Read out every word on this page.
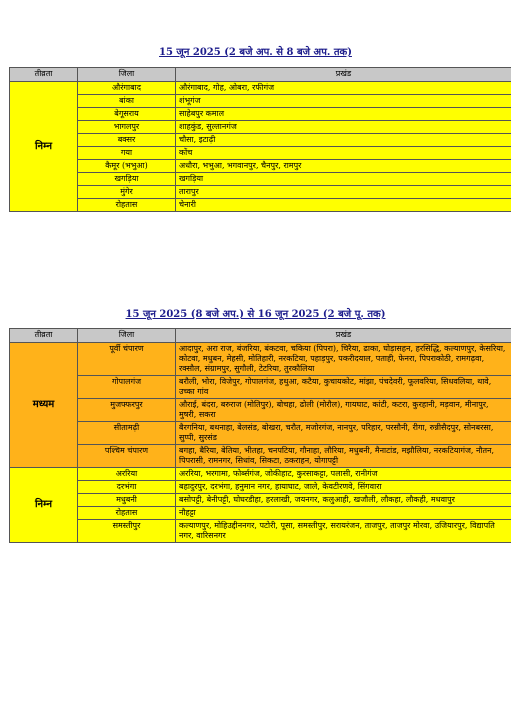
15 जून 2025 (2 बजे अप. से 8 बजे अप. तक)
तीव्रता	जिला	प्रखंड
निम्न	औरंगाबाद	औरंगाबाद, गोह, ओबरा, रफीगंज
	बांका	शंभूगंज
	बेगूसराय	साहेबपुर कमाल
	भागलपुर	शाहकुंड, सुल्तानगंज
	बक्सर	चौसा, इटाढ़ी
	गया	कोंच
	कैमूर (भभुआ)	अधौरा, भभुआ, भगवानपुर, चैनपुर, रामपुर
	खगड़िया	खगड़िया
	मुंगेर	तारापुर
	रोहतास	चेनारी
15 जून 2025 (8 बजे अप.) से 16 जून 2025 (2 बजे पू. तक)
तीव्रता	जिला	प्रखंड
मध्यम	पूर्वी चंपारण	आदापुर, अरा राज, बंजरिया, बंकटवा, चकिया (पिपरा), चिरैया, ढाका, घोड़ासहन, हरसिद्धि, कल्याणपुर, केसरिया, कोटवा, मधुबन, मेहसी, मोतिहारी, नरकटिया, पहाड़पुर, पकरीदयाल, पताही, फेनरा, पिपराकोठी, रामगढ़वा, रक्सौल, संग्रामपुर, सुगौली, टेटरिया, तुरकौलिया
	गोपालगंज	बरौली, भोरा, विजेपुर, गोपालगंज, हथुआ, कटैया, कुचायकोट, मांझा, पंचदेवरी, फूलवरिया, सिधवलिया, थावे, उच्का गांव
	मुजफ्फरपुर	औराई, बंदरा, बरुराज (मोतिपुर), बोचहा, ढोली (मोरौल), गायघाट, कांटी, कटरा, कुरहानी, मड़वान, मीनापुर, मुषरी, सकरा
	सीतामढ़ी	बैरगनिया, बथनाहा, बेलसंड, बोखरा, चरौत, मजोरगंज, नानपुर, परिहार, परसौनी, रीगा, रुन्नीसैदपुर, सोनबरसा, सुप्पी, सुरसंड
	पश्चिम चंपारण	बगहा, बैरिया, बेतिया, भीतहा, चनपटिया, गौनाहा, लौरिया, मधुबनी, मैनाटांड, मझौलिया, नरकटियागंज, नौतन, पिपरासी, रामनगर, सिधांव, सिकटा, ठकराहन, योगापट्टी
निम्न	अररिया	अररिया, भरगामा, फोर्ब्सगंज, जोकीहाट, कुरसाकट्टा, पलासी, रानीगंज
	दरभंगा	बहादुरपुर, दरभंगा, हनुमान नगर, हायाघाट, जाले, केवटीरणवे, सिंगवारा
	मधुबनी	बसोपट्टी, बेनीपट्टी, घोघरडीहा, हरलाखी, जयनगर, कलुआही, खजौली, लौकहा, लौकही, मधवापुर
	रोहतास	नौहट्टा
	समस्तीपुर	कल्याणपुर, मोहिउद्दीननगर, पटोरी, पूसा, समस्तीपुर, सरायरंजन, ताजपुर, ताजपुर मोरवा, उजियारपुर, विद्यापति नगर, वारिसनगर
